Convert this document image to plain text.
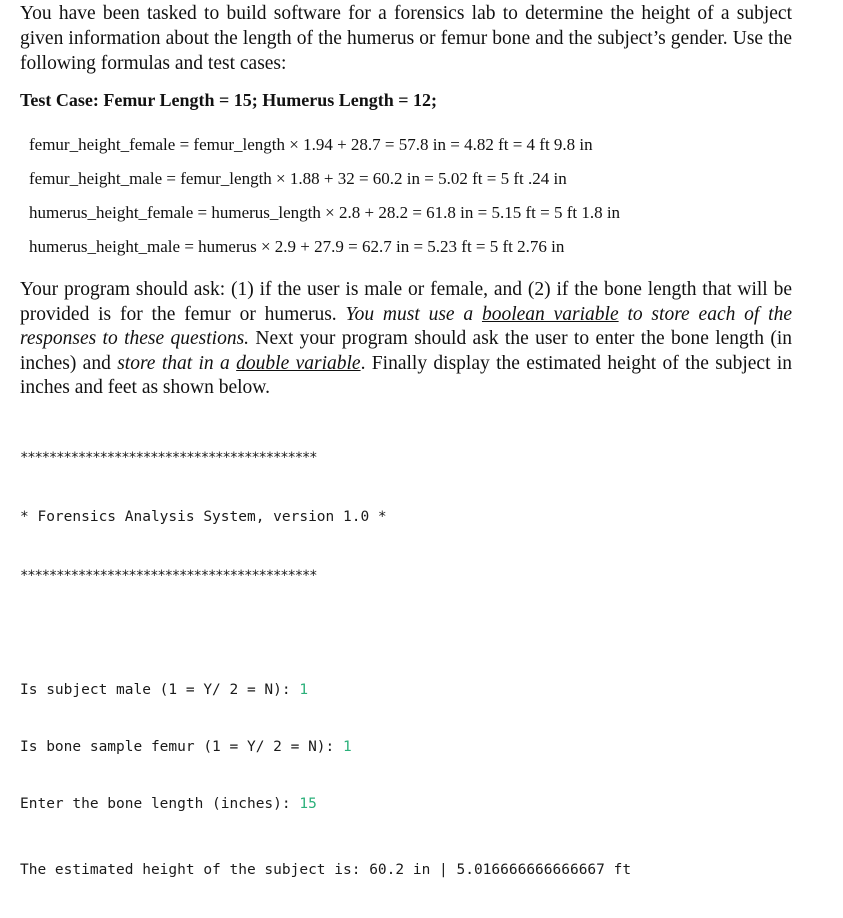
You have been tasked to build software for a forensics lab to determine the height of a subject given information about the length of the humerus or femur bone and the subject’s gender. Use the following formulas and test cases:

Test Case: Femur Length = 15; Humerus Length = 12;

femur_height_female = femur_length × 1.94 + 28.7 = 57.8 in = 4.82 ft = 4 ft 9.8 in
femur_height_male = femur_length × 1.88 + 32 = 60.2 in = 5.02 ft = 5 ft .24 in
humerus_height_female = humerus_length × 2.8 + 28.2 = 61.8 in = 5.15 ft = 5 ft 1.8 in
humerus_height_male = humerus × 2.9 + 27.9 = 62.7 in = 5.23 ft = 5 ft 2.76 in

Your program should ask: (1) if the user is male or female, and (2) if the bone length that will be provided is for the femur or humerus. You must use a boolean variable to store each of the responses to these questions. Next your program should ask the user to enter the bone length (in inches) and store that in a double variable. Finally display the estimated height of the subject in inches and feet as shown below.

*****************************************

* Forensics Analysis System, version 1.0 *

*****************************************

Is subject male (1 = Y/ 2 = N): 1

Is bone sample femur (1 = Y/ 2 = N): 1

Enter the bone length (inches): 15

The estimated height of the subject is: 60.2 in | 5.016666666666667 ft
